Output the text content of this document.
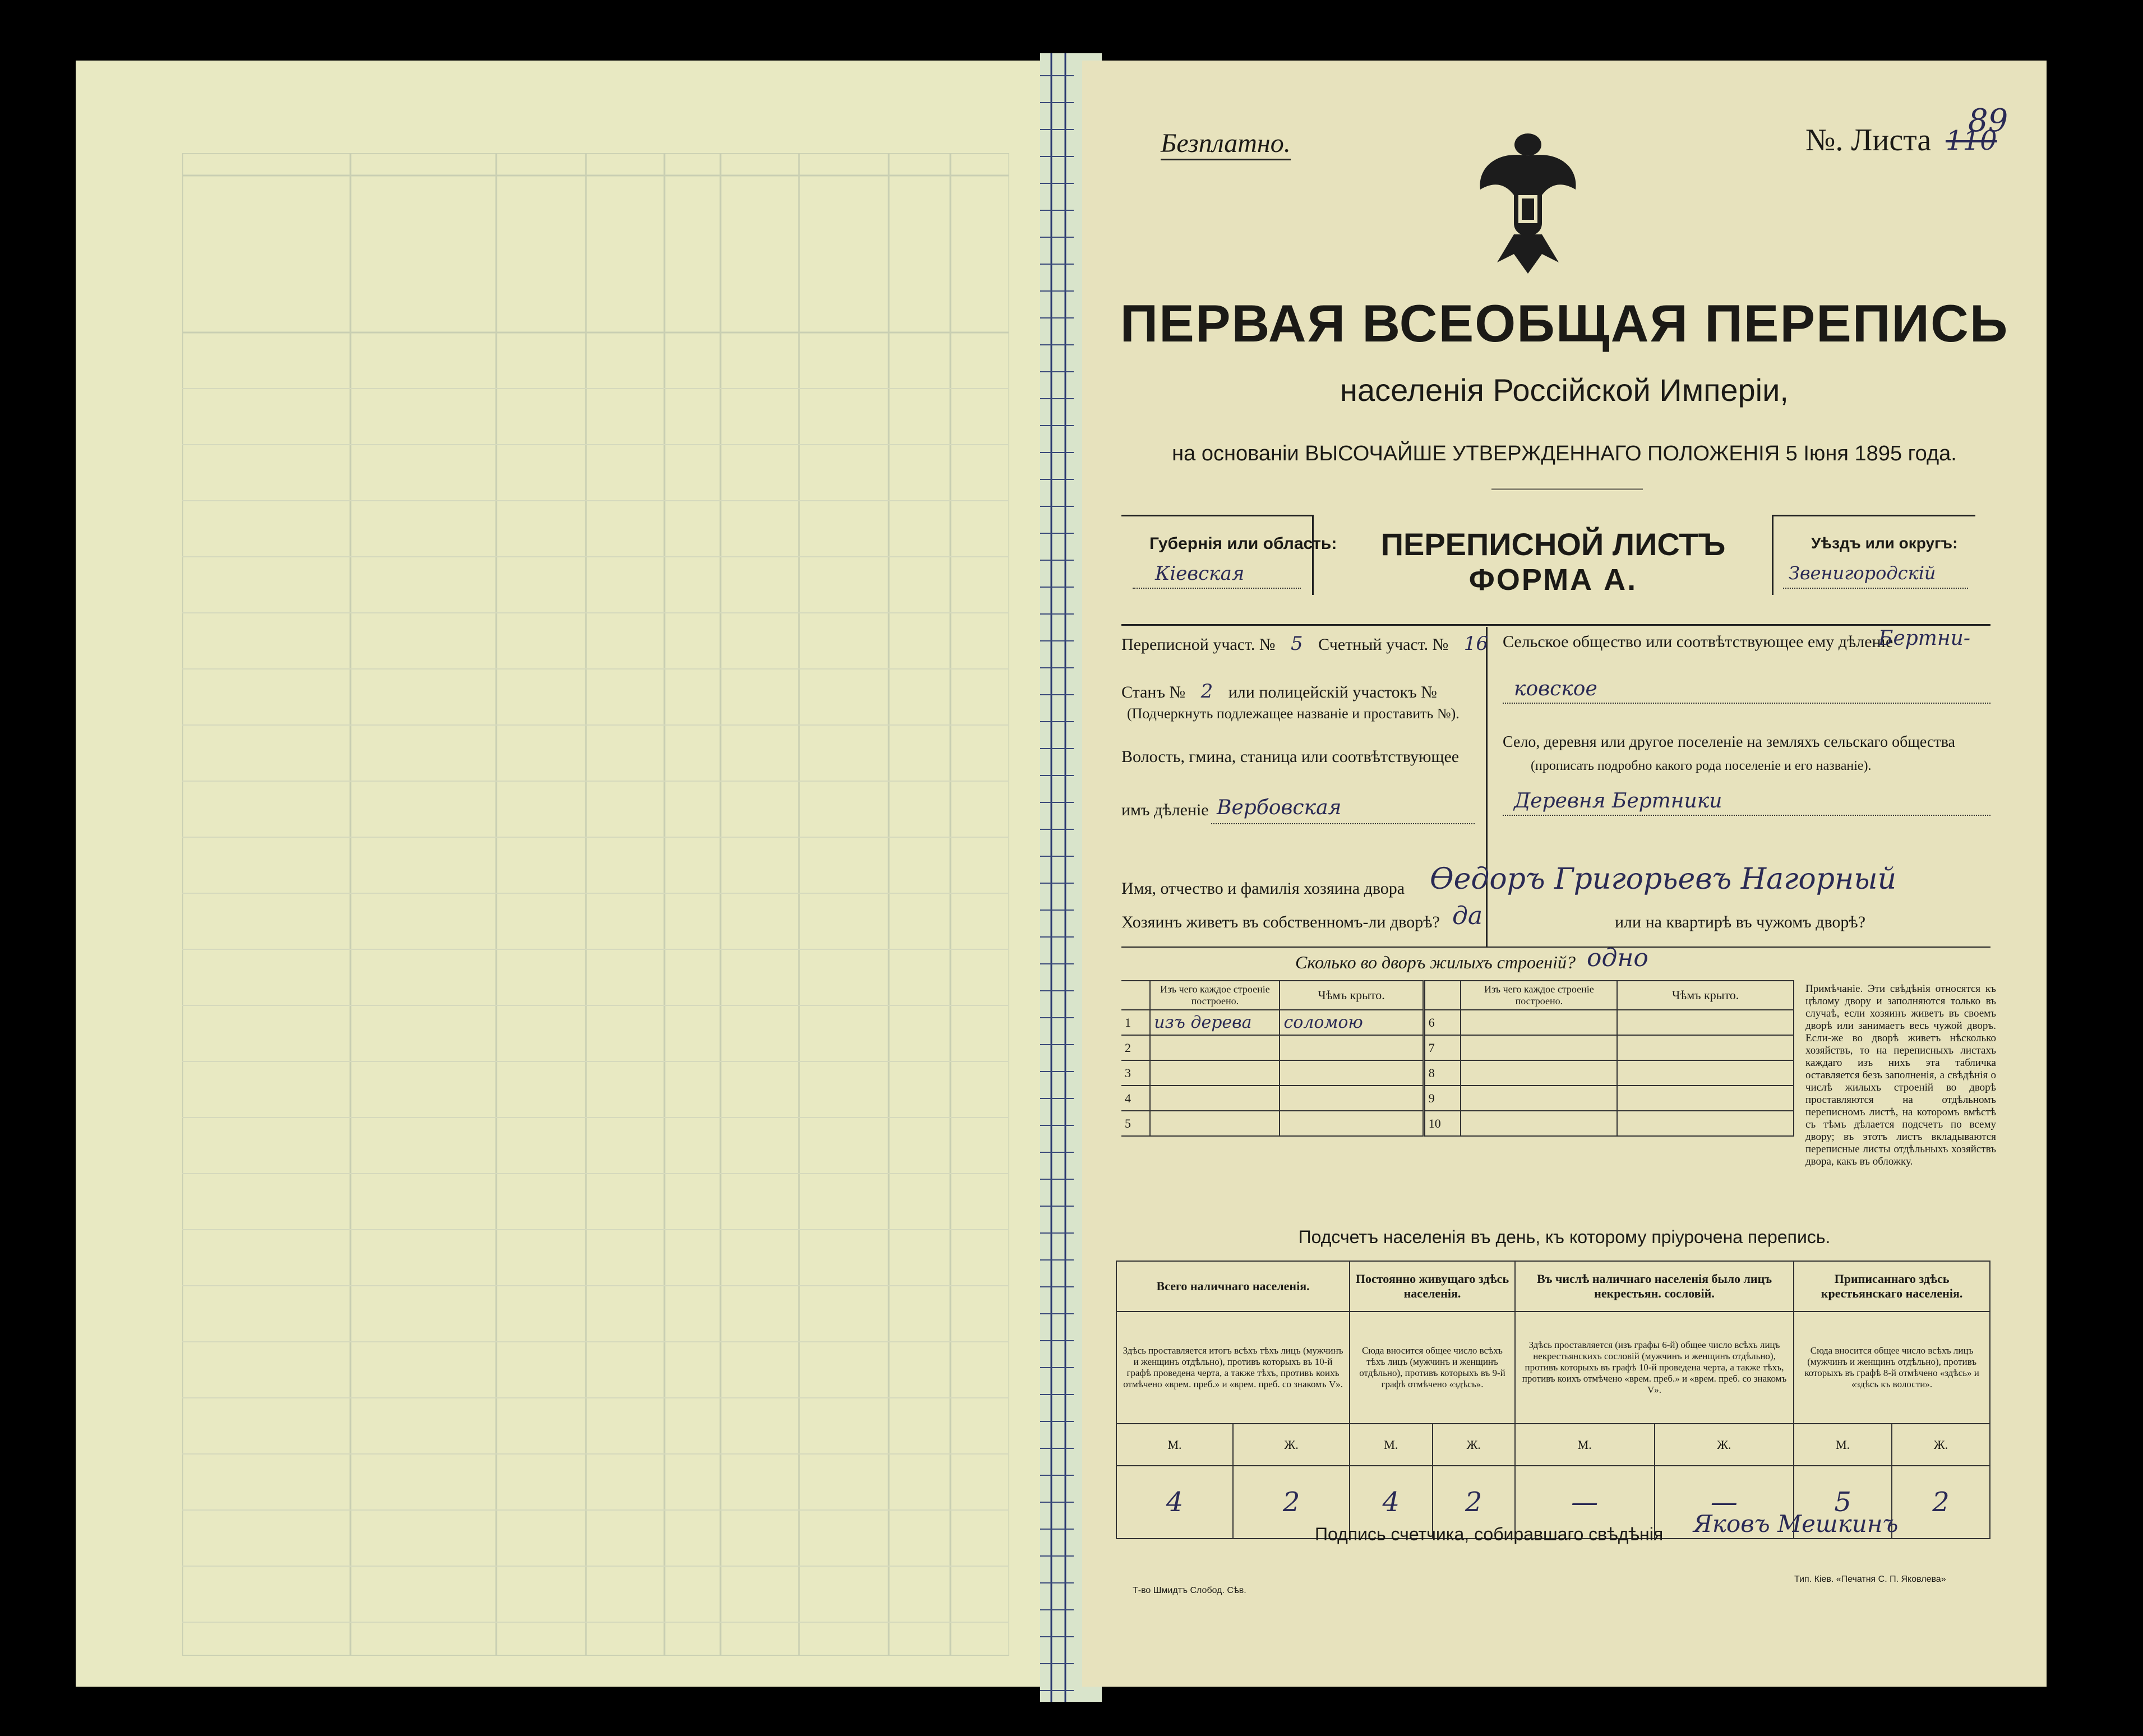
89
Безплатно.	№. Листа 110
ПЕРВАЯ ВСЕОБЩАЯ ПЕРЕПИСЬ
населенія Россійской Имперіи,
на основаніи ВЫСОЧАЙШЕ УТВЕРЖДЕННАГО ПОЛОЖЕНІЯ 5 Іюня 1895 года.
Губернія или область:
Кіевская
ПЕРЕПИСНОЙ ЛИСТЪ
ФОРМА А.
Уѣздъ или округъ:
Звенигородскій
Переписной участ. № 5 Счетный участ. № 16
Станъ № 2 или полицейскій участокъ №
(Подчеркнуть подлежащее названіе и проставить №).
Волость, гмина, станица или соотвѣтствующее
имъ дѣленіе Вербовская
Сельское общество или соотвѣтствующее ему дѣленіе
Бертни-
ковское
Село, деревня или другое поселеніе на земляхъ сельскаго общества
(прописать подробно какого рода поселеніе и его названіе).
Деревня Бертники
Имя, отчество и фамилія хозяина двора Ѳедоръ Григорьевъ Нагорный
Хозяинъ живетъ въ собственномъ-ли дворѣ? да	или на квартирѣ въ чужомъ дворѣ?
Сколько во дворъ жилыхъ строеній? одно
	Изъ чего каждое строеніе построено.	Чѣмъ крыто.		Изъ чего каждое строеніе построено.	Чѣмъ крыто.
1	изъ дерева	соломою	6		
2			7		
3			8		
4			9		
5			10		
Примѣчаніе. Эти свѣдѣнія относятся къ цѣлому двору и заполняются только въ случаѣ, если хозяинъ живетъ въ своемъ дворѣ или занимаетъ весь чужой дворъ. Если-же во дворѣ живетъ нѣсколько хозяйствъ, то на переписныхъ листахъ каждаго изъ нихъ эта табличка оставляется безъ заполненія, а свѣдѣнія о числѣ жилыхъ строеній во дворѣ проставляются на отдѣльномъ переписномъ листѣ, на которомъ вмѣстѣ съ тѣмъ дѣлается подсчетъ по всему двору; въ этотъ листъ вкладываются переписные листы отдѣльныхъ хозяйствъ двора, какъ въ обложку.
Подсчетъ населенія въ день, къ которому пріурочена перепись.
Всего наличнаго населенія.		Постоянно живущаго здѣсь населенія.		Въ числѣ наличнаго населенія было лицъ некрестьян. сословій.		Приписаннаго здѣсь крестьянскаго населенія.	
Здѣсь проставляется итогъ всѣхъ тѣхъ лицъ (мужчинъ и женщинъ отдѣльно), противъ которыхъ въ 10-й графѣ проведена черта, а также тѣхъ, противъ коихъ отмѣчено «врем. преб.» и «врем. преб. со знакомъ V».		Сюда вносится общее число всѣхъ тѣхъ лицъ (мужчинъ и женщинъ отдѣльно), противъ которыхъ въ 9-й графѣ отмѣчено «здѣсь».		Здѣсь проставляется (изъ графы 6-й) общее число всѣхъ лицъ некрестьянскихъ сословій (мужчинъ и женщинъ отдѣльно), противъ которыхъ въ графѣ 10-й проведена черта, а также тѣхъ, противъ коихъ отмѣчено «врем. преб.» и «врем. преб. со знакомъ V».		Сюда вносится общее число всѣхъ лицъ (мужчинъ и женщинъ отдѣльно), противъ которыхъ въ графѣ 8-й отмѣчено «здѣсь» и «здѣсь къ волости».	
М.	Ж.	М.	Ж.	М.	Ж.	М.	Ж.
4	2	4	2	—	—	5	2
Подпись счетчика, собиравшаго свѣдѣнія Яковъ Мешкинъ
Т-во Шмидтъ Слобод. Сѣв.
Тип. Кіев. «Печатня С. П. Яковлева»
